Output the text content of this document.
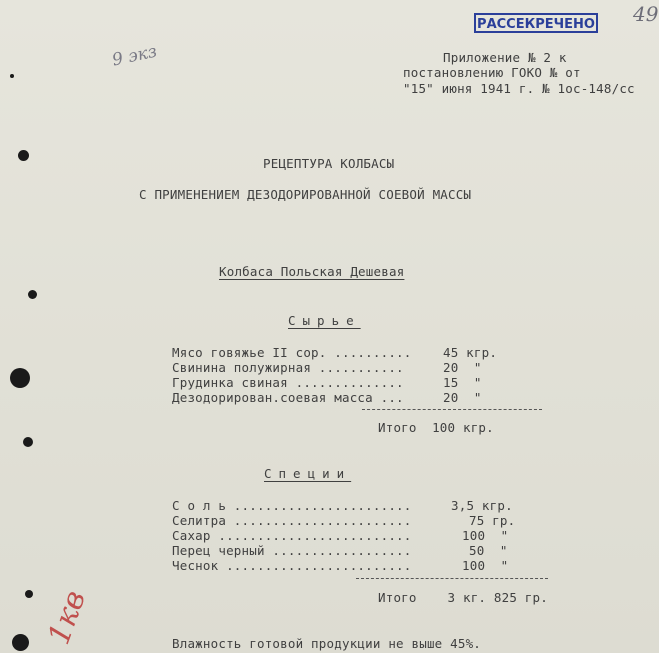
РАССЕКРЕЧЕНО 49
9 экз
1кв
Приложение № 2 к
постановлению ГОКО № от
"15" июня 1941 г. № 1ос-148/сс
РЕЦЕПТУРА КОЛБАСЫ
С ПРИМЕНЕНИЕМ ДЕЗОДОРИРОВАННОЙ СОЕВОЙ МАССЫ
Колбаса Польская Дешевая
Сырье
Мясо говяжье II сор. ..........	45 кгр.
Свинина полужирная ...........	20  "
Грудинка свиная ..............	15  "
Дезодорирован.соевая масса ...	20  "
Итого  100 кгр.
Специи
С о л ь .......................	3,5 кгр.
Селитра .......................	75 гр.
Сахар .........................	100  "
Перец черный ..................	50  "
Чеснок ........................	100  "
Итого    3 кг. 825 гр.
Влажность готовой продукции не выше 45%.
